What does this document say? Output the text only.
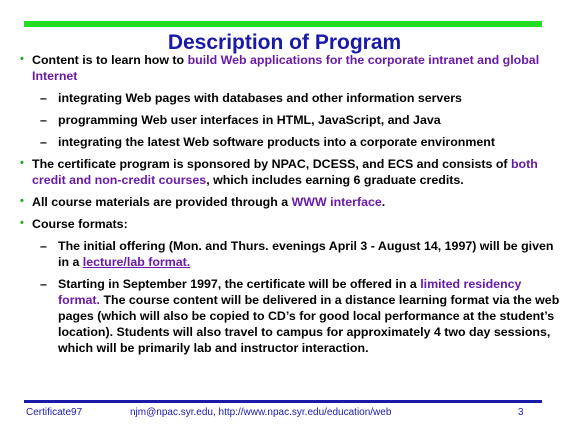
Description of Program
• Content is to learn how to build Web applications for the corporate intranet and global Internet
– integrating Web pages with databases and other information servers
– programming Web user interfaces in HTML, JavaScript, and Java
– integrating the latest Web software products into a corporate environment
• The certificate program is sponsored by NPAC, DCESS, and ECS and consists of both credit and non-credit courses, which includes earning 6 graduate credits.
• All course materials are provided through a WWW interface.
• Course formats:
– The initial offering (Mon. and Thurs. evenings April 3 - August 14, 1997) will be given in a lecture/lab format.
– Starting in September 1997, the certificate will be offered in a limited residency format. The course content will be delivered in a distance learning format via the web pages (which will also be copied to CD’s for good local performance at the student’s location). Students will also travel to campus for approximately 4 two day sessions, which will be primarily lab and instructor interaction.
Certificate97	njm@npac.syr.edu, http://www.npac.syr.edu/education/web	3
